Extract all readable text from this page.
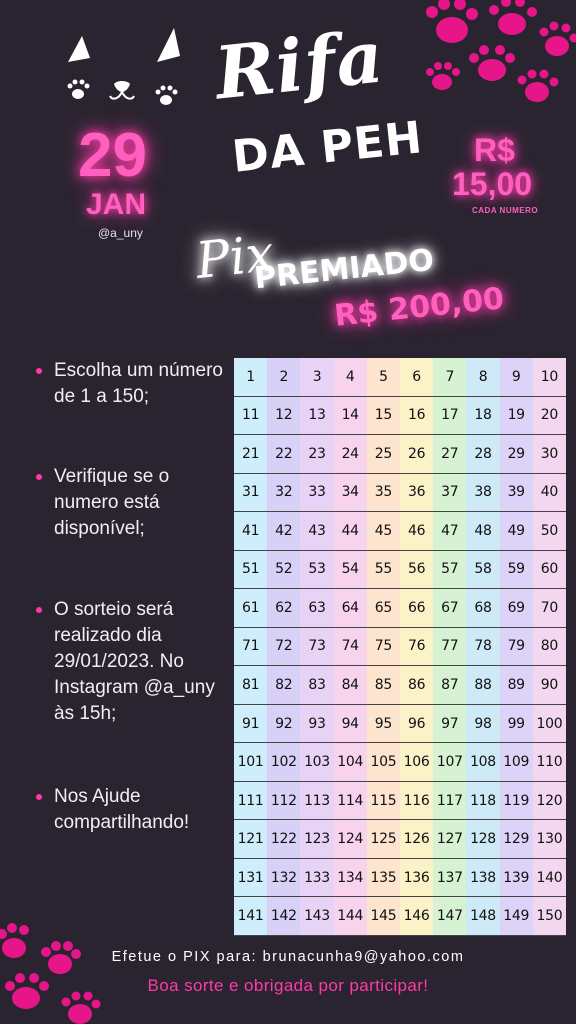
Rifa
DA PEH
29
JAN
@a_uny
R$
15,00
CADA NUMERO
Pix
PREMIADO
R$ 200,00
Escolha um número de 1 a 150;
Verifique se o numero está disponível;
O sorteio será realizado dia 29/01/2023. No Instagram @a_uny às 15h;
Nos Ajude compartilhando!
1	2	3	4	5	6	7	8	9	10
11	12	13	14	15	16	17	18	19	20
21	22	23	24	25	26	27	28	29	30
31	32	33	34	35	36	37	38	39	40
41	42	43	44	45	46	47	48	49	50
51	52	53	54	55	56	57	58	59	60
61	62	63	64	65	66	67	68	69	70
71	72	73	74	75	76	77	78	79	80
81	82	83	84	85	86	87	88	89	90
91	92	93	94	95	96	97	98	99 100
101 102 103 104 105 106 107 108 109 110
111 112 113 114 115 116 117 118 119 120
121 122 123 124 125 126 127 128 129 130
131 132 133 134 135 136 137 138 139 140
141 142 143 144 145 146 147 148 149 150
Efetue o PIX para: brunacunha9@yahoo.com
Boa sorte e obrigada por participar!
